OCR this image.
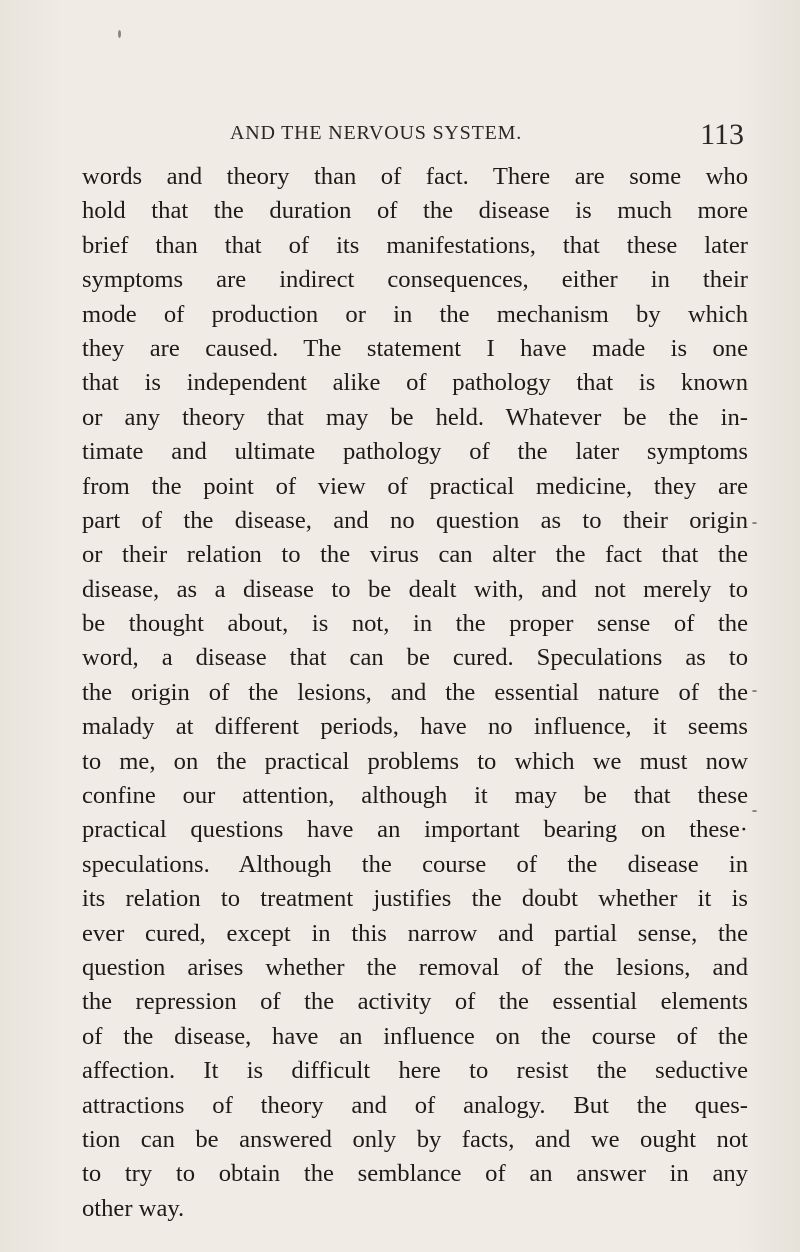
AND THE NERVOUS SYSTEM.	113
words and theory than of fact. There are some who
hold that the duration of the disease is much more
brief than that of its manifestations, that these later
symptoms are indirect consequences, either in their
mode of production or in the mechanism by which
they are caused. The statement I have made is one
that is independent alike of pathology that is known
or any theory that may be held. Whatever be the in-
timate and ultimate pathology of the later symptoms
from the point of view of practical medicine, they are
part of the disease, and no question as to their origin
or their relation to the virus can alter the fact that the
disease, as a disease to be dealt with, and not merely to
be thought about, is not, in the proper sense of the
word, a disease that can be cured. Speculations as to
the origin of the lesions, and the essential nature of the
malady at different periods, have no influence, it seems
to me, on the practical problems to which we must now
confine our attention, although it may be that these
practical questions have an important bearing on these·
speculations. Although the course of the disease in
its relation to treatment justifies the doubt whether it is
ever cured, except in this narrow and partial sense, the
question arises whether the removal of the lesions, and
the repression of the activity of the essential elements
of the disease, have an influence on the course of the
affection. It is difficult here to resist the seductive
attractions of theory and of analogy. But the ques-
tion can be answered only by facts, and we ought not
to try to obtain the semblance of an answer in any
other way.
